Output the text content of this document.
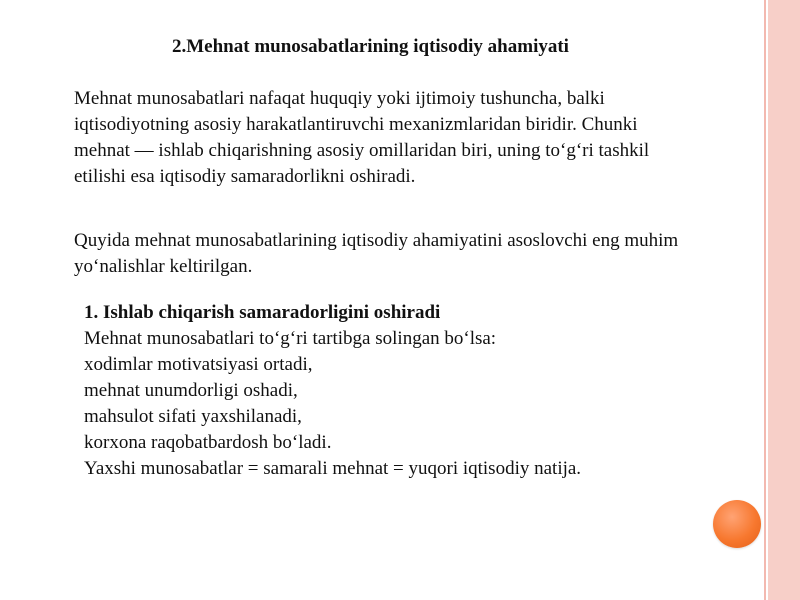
2.Mehnat munosabatlarining iqtisodiy ahamiyati

Mehnat munosabatlari nafaqat huquqiy yoki ijtimoiy tushuncha, balki iqtisodiyotning asosiy harakatlantiruvchi mexanizmlaridan biridir. Chunki mehnat — ishlab chiqarishning asosiy omillaridan biri, uning to‘g‘ri tashkil etilishi esa iqtisodiy samaradorlikni oshiradi.

Quyida mehnat munosabatlarining iqtisodiy ahamiyatini asoslovchi eng muhim yo‘nalishlar keltirilgan.

1. Ishlab chiqarish samaradorligini oshiradi
Mehnat munosabatlari to‘g‘ri tartibga solingan bo‘lsa:
xodimlar motivatsiyasi ortadi,
mehnat unumdorligi oshadi,
mahsulot sifati yaxshilanadi,
korxona raqobatbardosh bo‘ladi.
Yaxshi munosabatlar = samarali mehnat = yuqori iqtisodiy natija.
